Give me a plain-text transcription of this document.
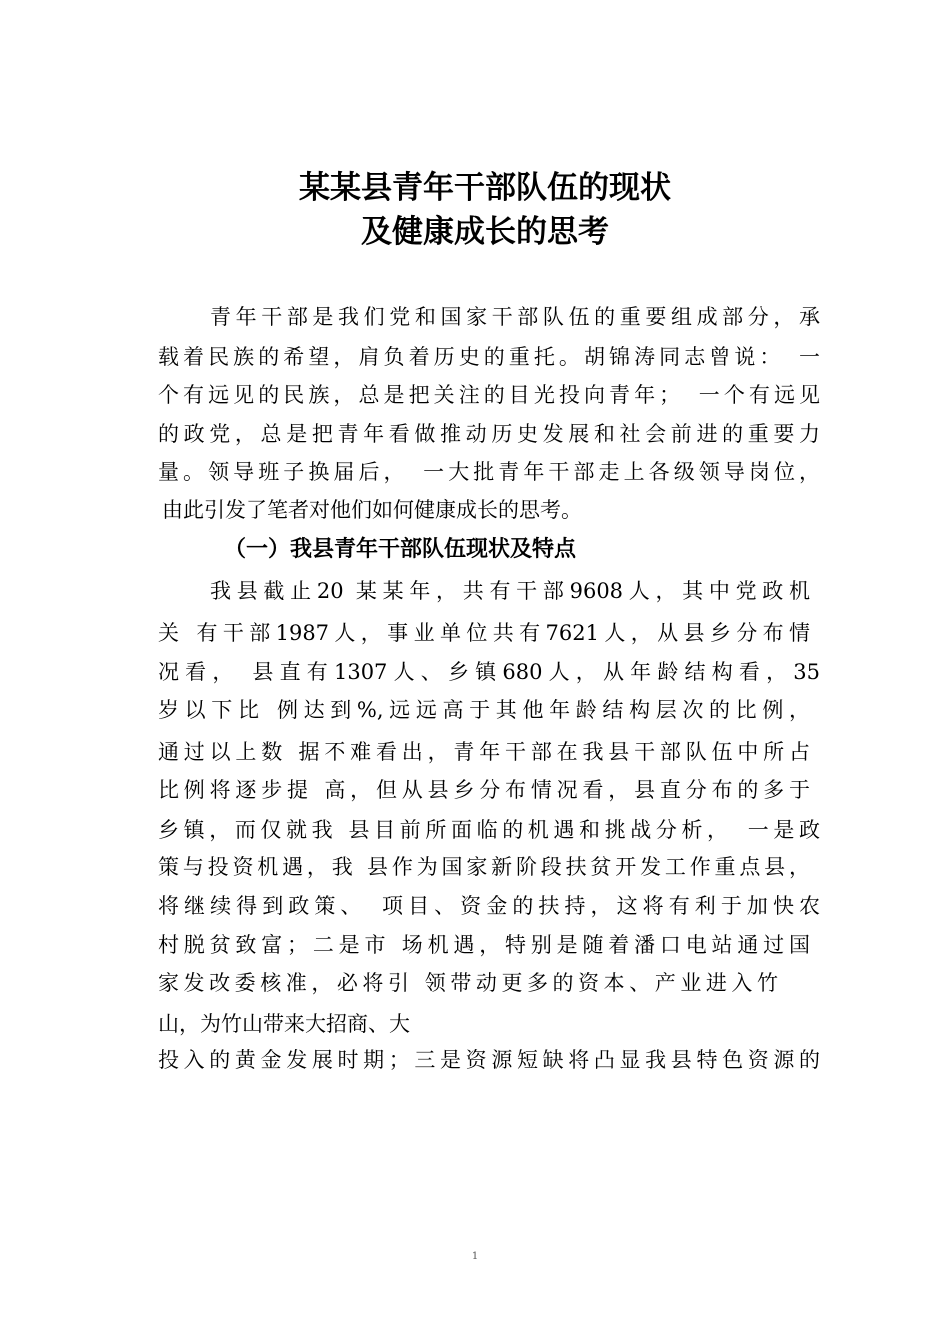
某某县青年干部队伍的现状
及健康成长的思考

青年干部是我们党和国家干部队伍的重要组成部分，承

载着民族的希望，肩负着历史的重托。胡锦涛同志曾说：　一

个有远见的民族，总是把关注的目光投向青年；　一个有远见

的政党，总是把青年看做推动历史发展和社会前进的重要力

量。领导班子换届后，　一大批青年干部走上各级领导岗位，

由此引发了笔者对他们如何健康成长的思考。

（一）我县青年干部队伍现状及特点

我县截止20 某某年，共有干部9608人，其中党政机

关 有干部1987人，事业单位共有7621人，从县乡分布情

况看， 县直有1307人、乡镇680人，从年龄结构看，35

岁以下比 例达到%,远远高于其他年龄结构层次的比例，

通过以上数 据不难看出，青年干部在我县干部队伍中所占

比例将逐步提 高，但从县乡分布情况看，县直分布的多于

乡镇，而仅就我 县目前所面临的机遇和挑战分析，　一是政

策与投资机遇，我 县作为国家新阶段扶贫开发工作重点县，

将继续得到政策、　项目、资金的扶持，这将有利于加快农

村脱贫致富；二是市 场机遇，特别是随着潘口电站通过国

家发改委核准，必将引 领带动更多的资本、产业进入竹

山，为竹山带来大招商、大

投入的黄金发展时期；三是资源短缺将凸显我县特色资源的

1
